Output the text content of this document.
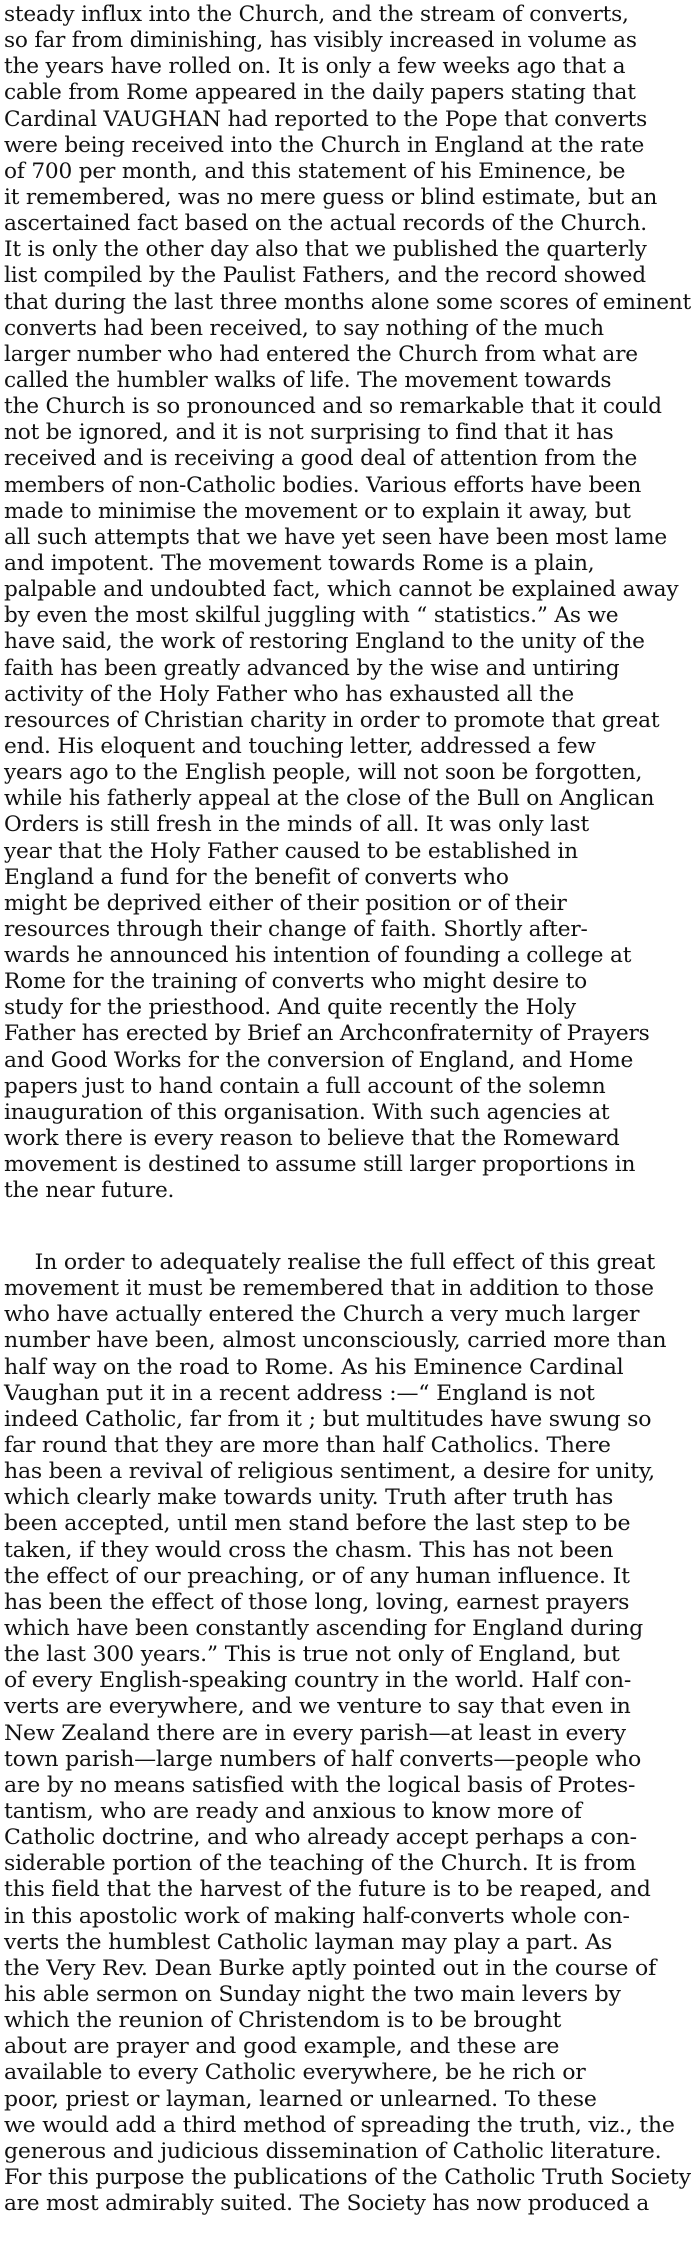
steady influx into the Church, and the stream of converts,
so far from diminishing, has visibly increased in volume as
the years have rolled on. It is only a few weeks ago that a
cable from Rome appeared in the daily papers stating that
Cardinal VAUGHAN had reported to the Pope that converts
were being received into the Church in England at the rate
of 700 per month, and this statement of his Eminence, be
it remembered, was no mere guess or blind estimate, but an
ascertained fact based on the actual records of the Church.
It is only the other day also that we published the quarterly
list compiled by the Paulist Fathers, and the record showed
that during the last three months alone some scores of eminent
converts had been received, to say nothing of the much
larger number who had entered the Church from what are
called the humbler walks of life. The movement towards
the Church is so pronounced and so remarkable that it could
not be ignored, and it is not surprising to find that it has
received and is receiving a good deal of attention from the
members of non-Catholic bodies. Various efforts have been
made to minimise the movement or to explain it away, but
all such attempts that we have yet seen have been most lame
and impotent. The movement towards Rome is a plain,
palpable and undoubted fact, which cannot be explained away
by even the most skilful juggling with “ statistics.” As we
have said, the work of restoring England to the unity of the
faith has been greatly advanced by the wise and untiring
activity of the Holy Father who has exhausted all the
resources of Christian charity in order to promote that great
end. His eloquent and touching letter, addressed a few
years ago to the English people, will not soon be forgotten,
while his fatherly appeal at the close of the Bull on Anglican
Orders is still fresh in the minds of all. It was only last
year that the Holy Father caused to be established in
England a fund for the benefit of converts who
might be deprived either of their position or of their
resources through their change of faith. Shortly after-
wards he announced his intention of founding a college at
Rome for the training of converts who might desire to
study for the priesthood. And quite recently the Holy
Father has erected by Brief an Archconfraternity of Prayers
and Good Works for the conversion of England, and Home
papers just to hand contain a full account of the solemn
inauguration of this organisation. With such agencies at
work there is every reason to believe that the Romeward
movement is destined to assume still larger proportions in
the near future.
In order to adequately realise the full effect of this great
movement it must be remembered that in addition to those
who have actually entered the Church a very much larger
number have been, almost unconsciously, carried more than
half way on the road to Rome. As his Eminence Cardinal
Vaughan put it in a recent address :—“ England is not
indeed Catholic, far from it ; but multitudes have swung so
far round that they are more than half Catholics. There
has been a revival of religious sentiment, a desire for unity,
which clearly make towards unity. Truth after truth has
been accepted, until men stand before the last step to be
taken, if they would cross the chasm. This has not been
the effect of our preaching, or of any human influence. It
has been the effect of those long, loving, earnest prayers
which have been constantly ascending for England during
the last 300 years.” This is true not only of England, but
of every English-speaking country in the world. Half con-
verts are everywhere, and we venture to say that even in
New Zealand there are in every parish—at least in every
town parish—large numbers of half converts—people who
are by no means satisfied with the logical basis of Protes-
tantism, who are ready and anxious to know more of
Catholic doctrine, and who already accept perhaps a con-
siderable portion of the teaching of the Church. It is from
this field that the harvest of the future is to be reaped, and
in this apostolic work of making half-converts whole con-
verts the humblest Catholic layman may play a part. As
the Very Rev. Dean Burke aptly pointed out in the course of
his able sermon on Sunday night the two main levers by
which the reunion of Christendom is to be brought
about are prayer and good example, and these are
available to every Catholic everywhere, be he rich or
poor, priest or layman, learned or unlearned. To these
we would add a third method of spreading the truth, viz., the
generous and judicious dissemination of Catholic literature.
For this purpose the publications of the Catholic Truth Society
are most admirably suited. The Society has now produced a
